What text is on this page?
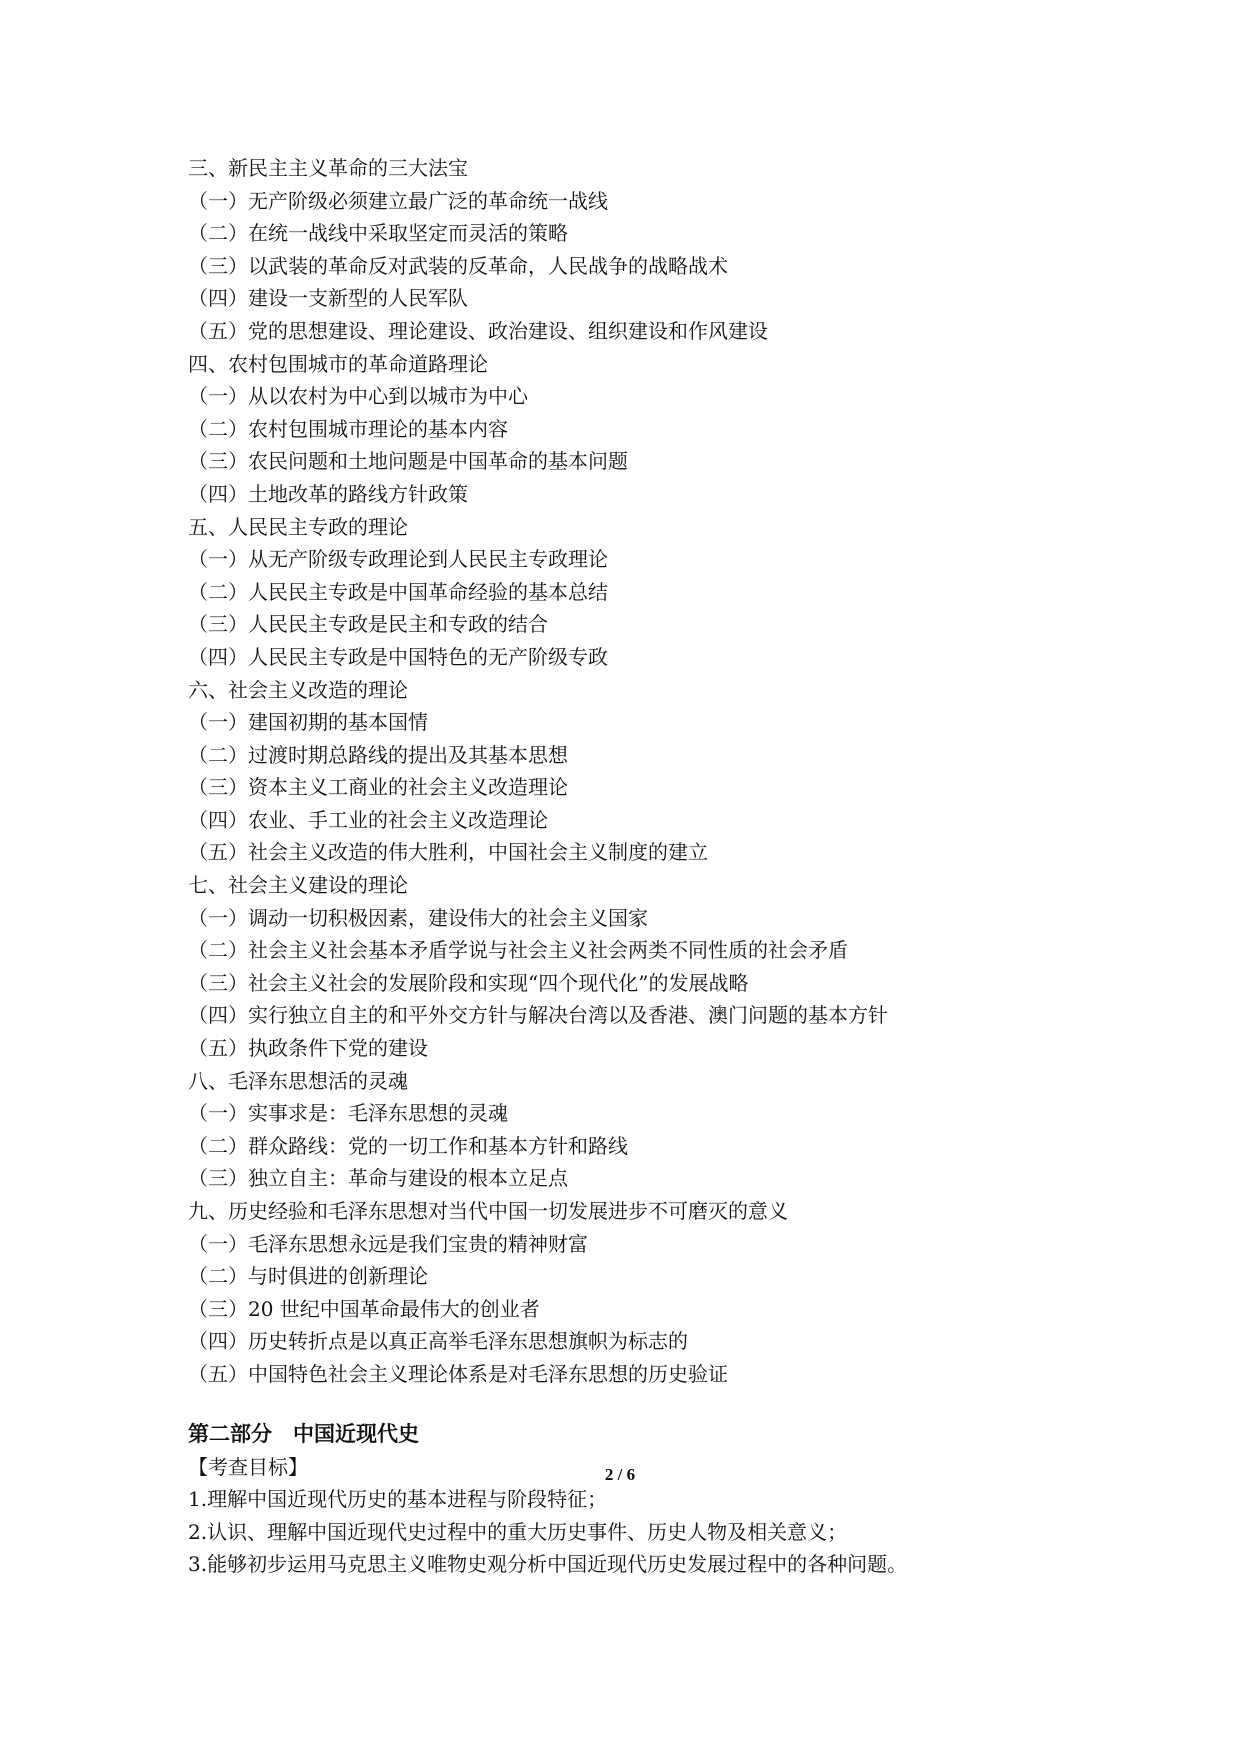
三、新民主主义革命的三大法宝
（一）无产阶级必须建立最广泛的革命统一战线
（二）在统一战线中采取坚定而灵活的策略
（三）以武装的革命反对武装的反革命，人民战争的战略战术
（四）建设一支新型的人民军队
（五）党的思想建设、理论建设、政治建设、组织建设和作风建设
四、农村包围城市的革命道路理论
（一）从以农村为中心到以城市为中心
（二）农村包围城市理论的基本内容
（三）农民问题和土地问题是中国革命的基本问题
（四）土地改革的路线方针政策
五、人民民主专政的理论
（一）从无产阶级专政理论到人民民主专政理论
（二）人民民主专政是中国革命经验的基本总结
（三）人民民主专政是民主和专政的结合
（四）人民民主专政是中国特色的无产阶级专政
六、社会主义改造的理论
（一）建国初期的基本国情
（二）过渡时期总路线的提出及其基本思想
（三）资本主义工商业的社会主义改造理论
（四）农业、手工业的社会主义改造理论
（五）社会主义改造的伟大胜利，中国社会主义制度的建立
七、社会主义建设的理论
（一）调动一切积极因素，建设伟大的社会主义国家
（二）社会主义社会基本矛盾学说与社会主义社会两类不同性质的社会矛盾
（三）社会主义社会的发展阶段和实现“四个现代化”的发展战略
（四）实行独立自主的和平外交方针与解决台湾以及香港、澳门问题的基本方针
（五）执政条件下党的建设
八、毛泽东思想活的灵魂
（一）实事求是：毛泽东思想的灵魂
（二）群众路线：党的一切工作和基本方针和路线
（三）独立自主：革命与建设的根本立足点
九、历史经验和毛泽东思想对当代中国一切发展进步不可磨灭的意义
（一）毛泽东思想永远是我们宝贵的精神财富
（二）与时俱进的创新理论
（三）20 世纪中国革命最伟大的创业者
（四）历史转折点是以真正高举毛泽东思想旗帜为标志的
（五）中国特色社会主义理论体系是对毛泽东思想的历史验证
第二部分　中国近现代史
【考查目标】
1.理解中国近现代历史的基本进程与阶段特征；
2.认识、理解中国近现代史过程中的重大历史事件、历史人物及相关意义；
3.能够初步运用马克思主义唯物史观分析中国近现代历史发展过程中的各种问题。
2 / 6
